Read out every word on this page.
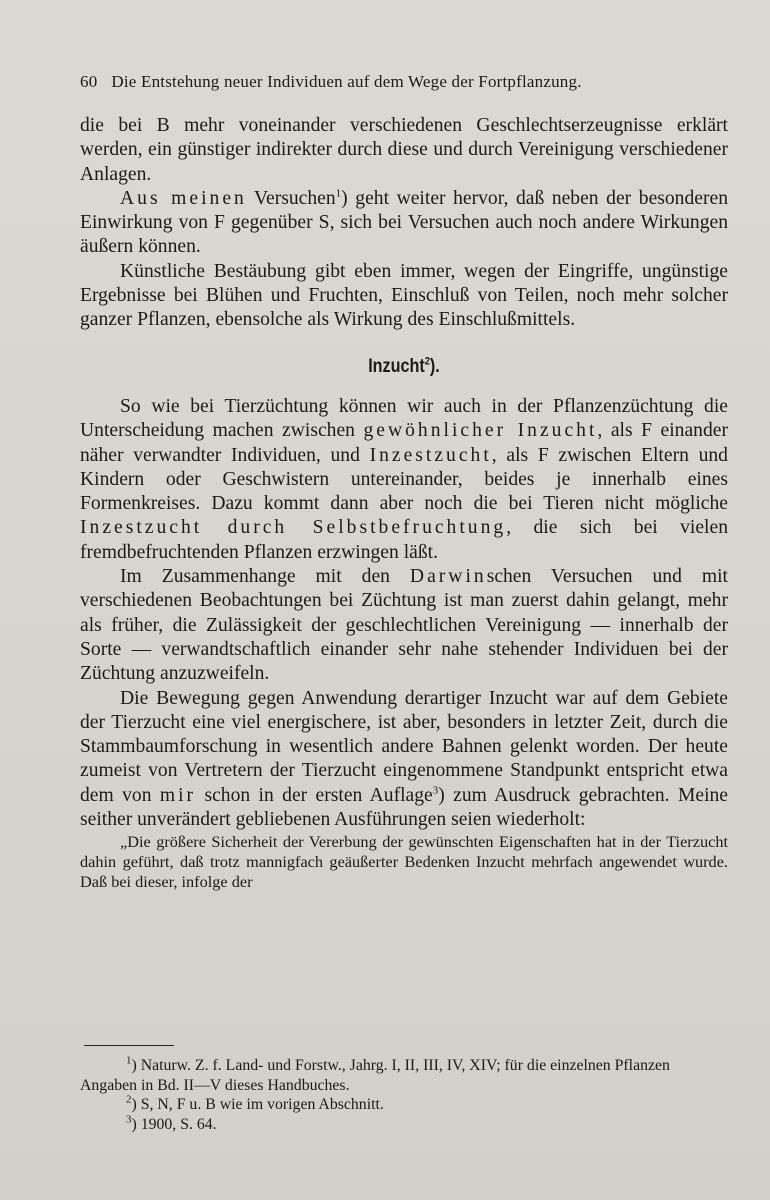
60 Die Entstehung neuer Individuen auf dem Wege der Fortpflanzung.

die bei B mehr voneinander verschiedenen Geschlechtserzeugnisse erklärt werden, ein günstiger indirekter durch diese und durch Vereinigung verschiedener Anlagen.

Aus meinen Versuchen$^1$) geht weiter hervor, daß neben der besonderen Einwirkung von F gegenüber S, sich bei Versuchen auch noch andere Wirkungen äußern können.

Künstliche Bestäubung gibt eben immer, wegen der Eingriffe, ungünstige Ergebnisse bei Blühen und Fruchten, Einschluß von Teilen, noch mehr solcher ganzer Pflanzen, ebensolche als Wirkung des Einschlußmittels.

Inzucht$^2$).

So wie bei Tierzüchtung können wir auch in der Pflanzenzüchtung die Unterscheidung machen zwischen gewöhnlicher Inzucht, als F einander näher verwandter Individuen, und Inzestzucht, als F zwischen Eltern und Kindern oder Geschwistern untereinander, beides je innerhalb eines Formenkreises. Dazu kommt dann aber noch die bei Tieren nicht mögliche Inzestzucht durch Selbstbefruchtung, die sich bei vielen fremdbefruchtenden Pflanzen erzwingen läßt.

Im Zusammenhange mit den Darwinschen Versuchen und mit verschiedenen Beobachtungen bei Züchtung ist man zuerst dahin gelangt, mehr als früher, die Zulässigkeit der geschlechtlichen Vereinigung — innerhalb der Sorte — verwandtschaftlich einander sehr nahe stehender Individuen bei der Züchtung anzuzweifeln.

Die Bewegung gegen Anwendung derartiger Inzucht war auf dem Gebiete der Tierzucht eine viel energischere, ist aber, besonders in letzter Zeit, durch die Stammbaumforschung in wesentlich andere Bahnen gelenkt worden. Der heute zumeist von Vertretern der Tierzucht eingenommene Standpunkt entspricht etwa dem von mir schon in der ersten Auflage$^3$) zum Ausdruck gebrachten. Meine seither unverändert gebliebenen Ausführungen seien wiederholt:

„Die größere Sicherheit der Vererbung der gewünschten Eigenschaften hat in der Tierzucht dahin geführt, daß trotz mannigfach geäußerter Bedenken Inzucht mehrfach angewendet wurde. Daß bei dieser, infolge der

$^1$) Naturw. Z. f. Land- und Forstw., Jahrg. I, II, III, IV, XIV; für die einzelnen Pflanzen Angaben in Bd. II—V dieses Handbuches.

$^2$) S, N, F u. B wie im vorigen Abschnitt.

$^3$) 1900, S. 64.
